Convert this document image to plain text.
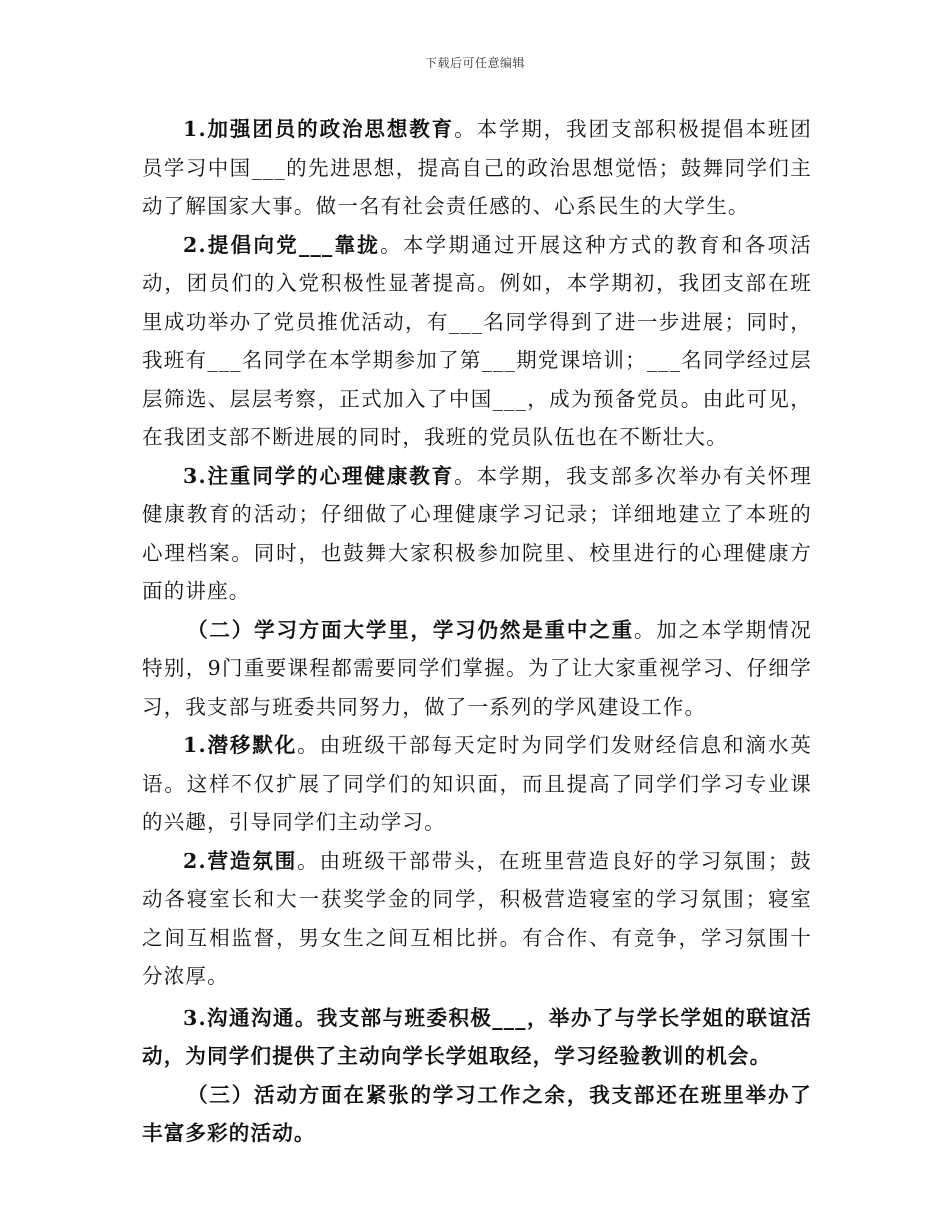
下载后可任意编辑

1.加强团员的政治思想教育。本学期，我团支部积极提倡本班团员学习中国___的先进思想，提高自己的政治思想觉悟；鼓舞同学们主动了解国家大事。做一名有社会责任感的、心系民生的大学生。

2.提倡向党___靠拢。本学期通过开展这种方式的教育和各项活动，团员们的入党积极性显著提高。例如，本学期初，我团支部在班里成功举办了党员推优活动，有___名同学得到了进一步进展；同时，我班有___名同学在本学期参加了第___期党课培训；___名同学经过层层筛选、层层考察，正式加入了中国___，成为预备党员。由此可见，在我团支部不断进展的同时，我班的党员队伍也在不断壮大。

3.注重同学的心理健康教育。本学期，我支部多次举办有关怀理健康教育的活动；仔细做了心理健康学习记录；详细地建立了本班的心理档案。同时，也鼓舞大家积极参加院里、校里进行的心理健康方面的讲座。

（二）学习方面大学里，学习仍然是重中之重。加之本学期情况特别，9门重要课程都需要同学们掌握。为了让大家重视学习、仔细学习，我支部与班委共同努力，做了一系列的学风建设工作。

1.潜移默化。由班级干部每天定时为同学们发财经信息和滴水英语。这样不仅扩展了同学们的知识面，而且提高了同学们学习专业课的兴趣，引导同学们主动学习。

2.营造氛围。由班级干部带头，在班里营造良好的学习氛围；鼓动各寝室长和大一获奖学金的同学，积极营造寝室的学习氛围；寝室之间互相监督，男女生之间互相比拼。有合作、有竞争，学习氛围十分浓厚。

3.沟通沟通。我支部与班委积极___，举办了与学长学姐的联谊活动，为同学们提供了主动向学长学姐取经，学习经验教训的机会。

（三）活动方面在紧张的学习工作之余，我支部还在班里举办了丰富多彩的活动。
